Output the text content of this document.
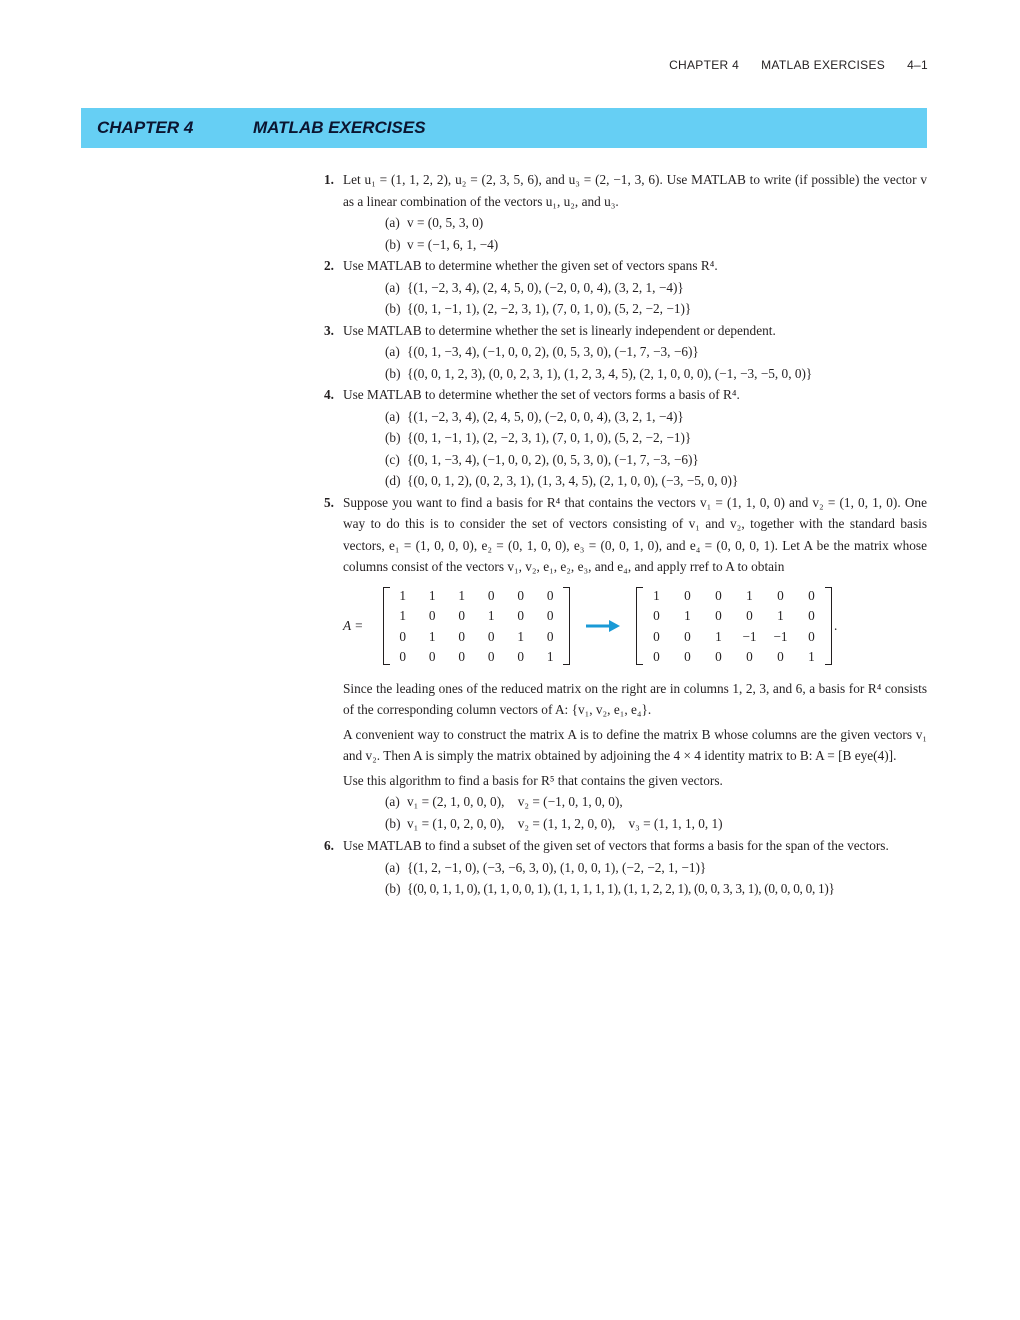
CHAPTER 4 MATLAB EXERCISES 4–1
CHAPTER 4	MATLAB EXERCISES
1. Let u₁ = (1, 1, 2, 2), u₂ = (2, 3, 5, 6), and u₃ = (2, −1, 3, 6). Use MATLAB to write (if possible) the vector v as a linear combination of the vectors u₁, u₂, and u₃.

(a) v = (0, 5, 3, 0)
(b) v = (−1, 6, 1, −4)
2. Use MATLAB to determine whether the given set of vectors spans R⁴.

(a) {(1, −2, 3, 4), (2, 4, 5, 0), (−2, 0, 0, 4), (3, 2, 1, −4)}
(b) {(0, 1, −1, 1), (2, −2, 3, 1), (7, 0, 1, 0), (5, 2, −2, −1)}
3. Use MATLAB to determine whether the set is linearly independent or dependent.

(a) {(0, 1, −3, 4), (−1, 0, 0, 2), (0, 5, 3, 0), (−1, 7, −3, −6)}
(b) {(0, 0, 1, 2, 3), (0, 0, 2, 3, 1), (1, 2, 3, 4, 5), (2, 1, 0, 0, 0), (−1, −3, −5, 0, 0)}
4. Use MATLAB to determine whether the set of vectors forms a basis of R⁴.

(a) {(1, −2, 3, 4), (2, 4, 5, 0), (−2, 0, 0, 4), (3, 2, 1, −4)}
(b) {(0, 1, −1, 1), (2, −2, 3, 1), (7, 0, 1, 0), (5, 2, −2, −1)}
(c) {(0, 1, −3, 4), (−1, 0, 0, 2), (0, 5, 3, 0), (−1, 7, −3, −6)}
(d) {(0, 0, 1, 2), (0, 2, 3, 1), (1, 3, 4, 5), (2, 1, 0, 0), (−3, −5, 0, 0)}
5. Suppose you want to find a basis for R⁴ that contains the vectors v₁ = (1, 1, 0, 0) and v₂ = (1, 0, 1, 0). One way to do this is to consider the set of vectors consisting of v₁ and v₂, together with the standard basis vectors, e₁ = (1, 0, 0, 0), e₂ = (0, 1, 0, 0), e₃ = (0, 0, 1, 0), and e₄ = (0, 0, 0, 1). Let A be the matrix whose columns consist of the vectors v₁, v₂, e₁, e₂, e₃, and e₄, and apply rref to A to obtain

A =
1	1	1	0	0	0
1	0	0	1	0	0
0	1	0	0	1	0
0	0	0	0	0	1
1	0	0	1	0	0
0	1	0	0	1	0
0	0	1	−1	−1	0
0	0	0	0	0	1
.

Since the leading ones of the reduced matrix on the right are in columns 1, 2, 3, and 6, a basis for R⁴ consists of the corresponding column vectors of A: {v₁, v₂, e₁, e₄}.

A convenient way to construct the matrix A is to define the matrix B whose columns are the given vectors v₁ and v₂. Then A is simply the matrix obtained by adjoining the 4 × 4 identity matrix to B: A = [B eye(4)].

Use this algorithm to find a basis for R⁵ that contains the given vectors.

(a) v₁ = (2, 1, 0, 0, 0),    v₂ = (−1, 0, 1, 0, 0),
(b) v₁ = (1, 0, 2, 0, 0),    v₂ = (1, 1, 2, 0, 0),    v₃ = (1, 1, 1, 0, 1)
6. Use MATLAB to find a subset of the given set of vectors that forms a basis for the span of the vectors.

(a) {(1, 2, −1, 0), (−3, −6, 3, 0), (1, 0, 0, 1), (−2, −2, 1, −1)}
(b) {(0, 0, 1, 1, 0), (1, 1, 0, 0, 1), (1, 1, 1, 1, 1), (1, 1, 2, 2, 1), (0, 0, 3, 3, 1), (0, 0, 0, 0, 1)}
